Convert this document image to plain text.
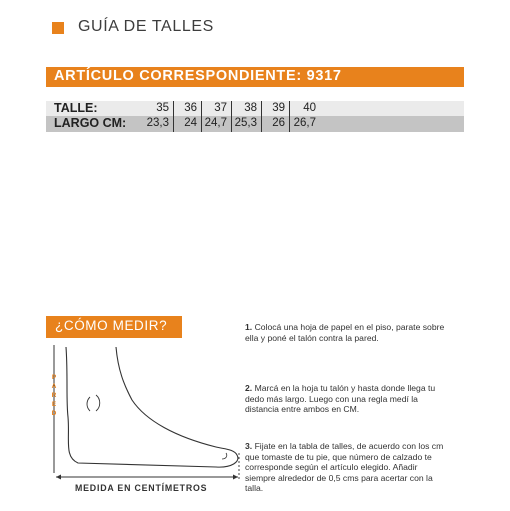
GUÍA DE TALLES
ARTÍCULO CORRESPONDIENTE: 9317
TALLE:	35	36	37	38	39	40
LARGO CM: 23,3	24 24,7 25,3	26 26,7
¿CÓMO MEDIR?
P
A
R
E
D
MEDIDA EN CENTÍMETROS
1. Colocá una hoja de papel en el piso, parate sobre ella y poné el talón contra la pared.
2. Marcá en la hoja tu talón y hasta donde llega tu dedo más largo. Luego con una regla medí la distancia entre ambos en CM.
3. Fijate en la tabla de talles, de acuerdo con los cm que tomaste de tu pie, que número de calzado te corresponde según el artículo elegido. Añadir siempre alrededor de 0,5 cms para acertar con la talla.
